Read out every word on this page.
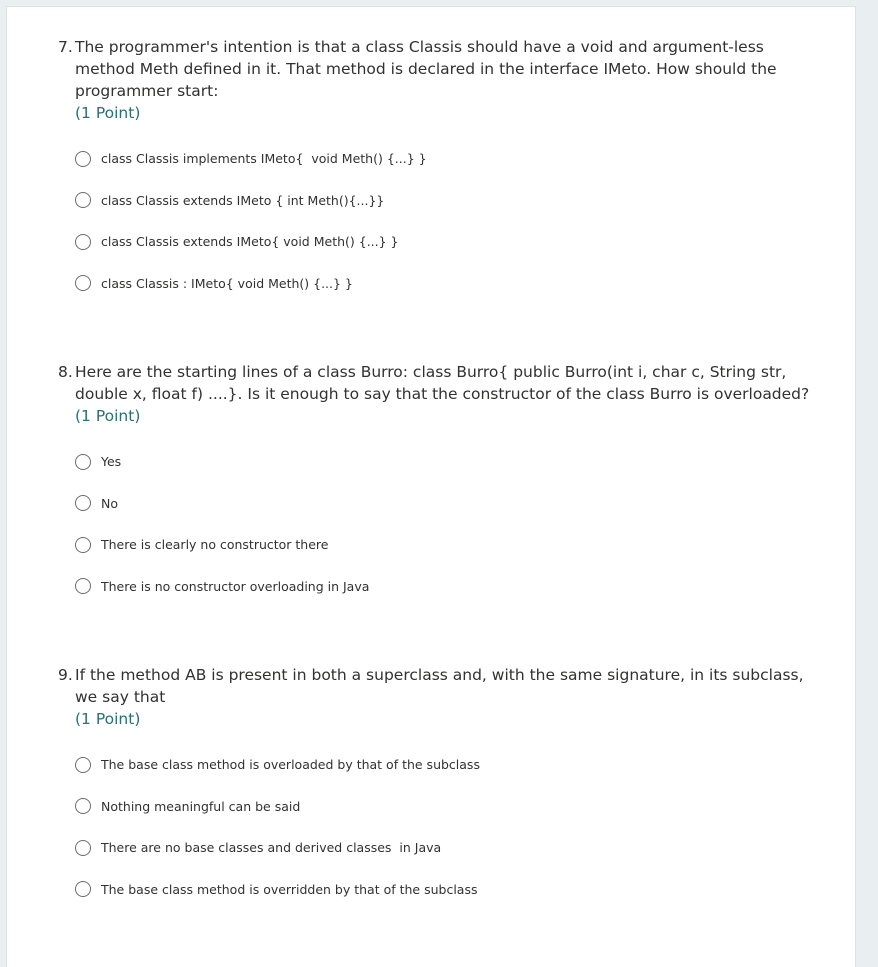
7. The programmer's intention is that a class Classis should have a void and argument-less method Meth defined in it. That method is declared in the interface IMeto. How should the programmer start:
(1 Point)
class Classis implements IMeto{  void Meth() {...} }
class Classis extends IMeto { int Meth(){...}}
class Classis extends IMeto{ void Meth() {...} }
class Classis : IMeto{ void Meth() {...} }
8. Here are the starting lines of a class Burro: class Burro{ public Burro(int i, char c, String str, double x, float f) ....}. Is it enough to say that the constructor of the class Burro is overloaded?
(1 Point)
Yes
No
There is clearly no constructor there
There is no constructor overloading in Java
9. If the method AB is present in both a superclass and, with the same signature, in its subclass, we say that
(1 Point)
The base class method is overloaded by that of the subclass
Nothing meaningful can be said
There are no base classes and derived classes  in Java
The base class method is overridden by that of the subclass
